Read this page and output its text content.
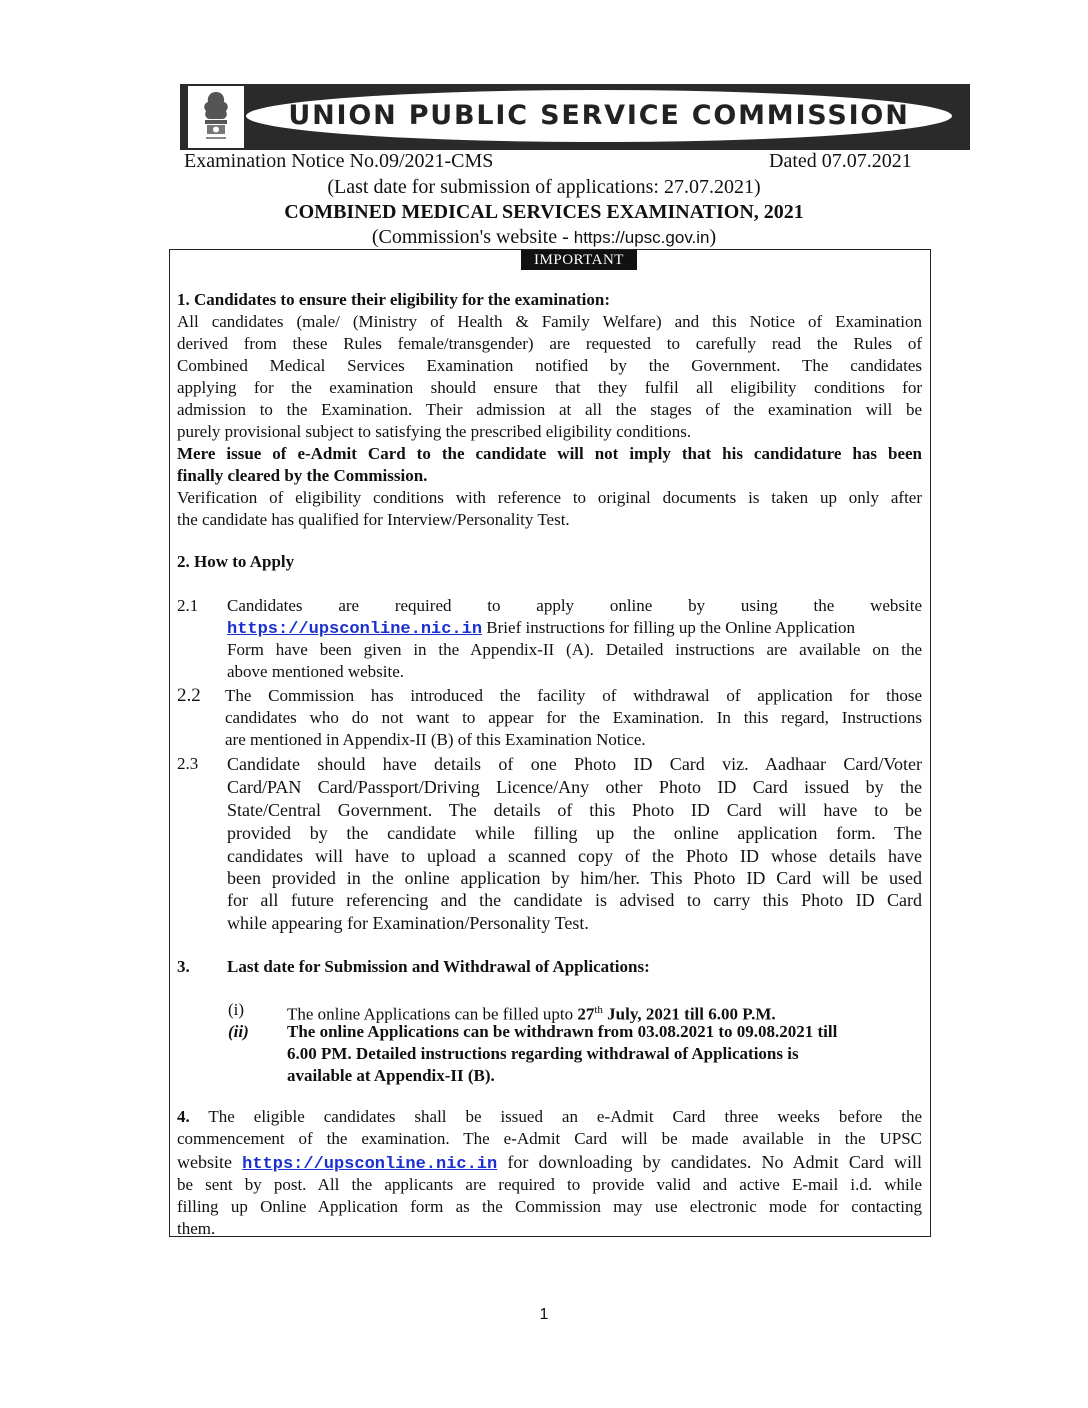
UNION PUBLIC SERVICE COMMISSION
Examination Notice No.09/2021-CMS	Dated 07.07.2021
(Last date for submission of applications: 27.07.2021)
COMBINED MEDICAL SERVICES EXAMINATION, 2021
(Commission's website - https://upsc.gov.in)
IMPORTANT
1. Candidates to ensure their eligibility for the examination:
All candidates (male/ (Ministry of Health & Family Welfare) and this Notice of Examination
derived from these Rules female/transgender) are requested to carefully read the Rules of
Combined Medical Services Examination notified by the Government. The candidates
applying for the examination should ensure that they fulfil all eligibility conditions for
admission to the Examination. Their admission at all the stages of the examination will be
purely provisional subject to satisfying the prescribed eligibility conditions.
Mere issue of e-Admit Card to the candidate will not imply that his candidature has been
finally cleared by the Commission.
Verification of eligibility conditions with reference to original documents is taken up only after
the candidate has qualified for Interview/Personality Test.
2. How to Apply
2.1 Candidates are required to apply online by using the website
https://upsconline.nic.in Brief instructions for filling up the Online Application
Form have been given in the Appendix-II (A). Detailed instructions are available on the
above mentioned website.
2.2 The Commission has introduced the facility of withdrawal of application for those
candidates who do not want to appear for the Examination. In this regard, Instructions
are mentioned in Appendix-II (B) of this Examination Notice.
2.3 Candidate should have details of one Photo ID Card viz. Aadhaar Card/Voter
Card/PAN Card/Passport/Driving Licence/Any other Photo ID Card issued by the
State/Central Government. The details of this Photo ID Card will have to be
provided by the candidate while filling up the online application form. The
candidates will have to upload a scanned copy of the Photo ID whose details have
been provided in the online application by him/her. This Photo ID Card will be used
for all future referencing and the candidate is advised to carry this Photo ID Card
while appearing for Examination/Personality Test.
3. Last date for Submission and Withdrawal of Applications:
(i)	The online Applications can be filled upto 27th July, 2021 till 6.00 P.M.
(ii) The online Applications can be withdrawn from 03.08.2021 to 09.08.2021 till
6.00 PM. Detailed instructions regarding withdrawal of Applications is
available at Appendix-II (B).
4. The eligible candidates shall be issued an e-Admit Card three weeks before the
commencement of the examination. The e-Admit Card will be made available in the UPSC
website https://upsconline.nic.in for downloading by candidates. No Admit Card will
be sent by post. All the applicants are required to provide valid and active E-mail i.d. while
filling up Online Application form as the Commission may use electronic mode for contacting
them.
1
